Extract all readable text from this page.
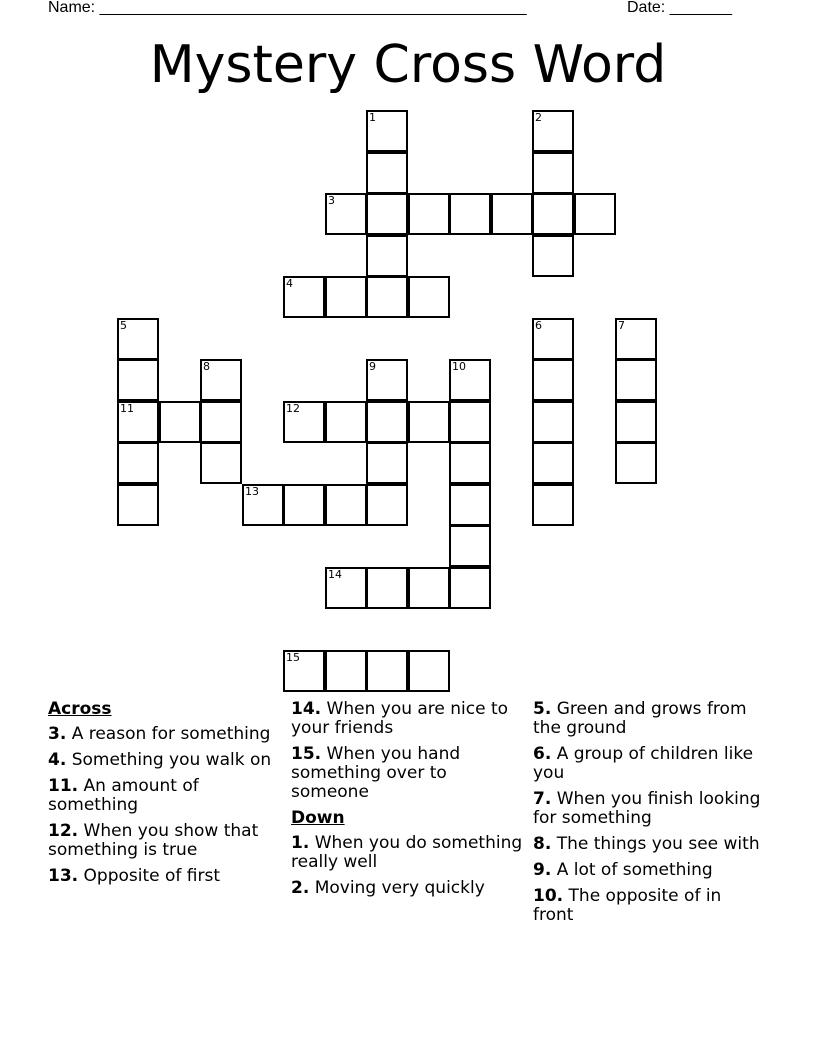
Name: ________________________________________________	Date: _______
Mystery Cross Word
1	2
3
4
5	6	7
8	9	10
11	12
13
14
15
Across
3. A reason for something
4. Something you walk on
11. An amount of something
12. When you show that something is true
13. Opposite of first
14. When you are nice to your friends
15. When you hand something over to someone
Down
1. When you do something really well
2. Moving very quickly
5. Green and grows from the ground
6. A group of children like you
7. When you finish looking for something
8. The things you see with
9. A lot of something
10. The opposite of in front
